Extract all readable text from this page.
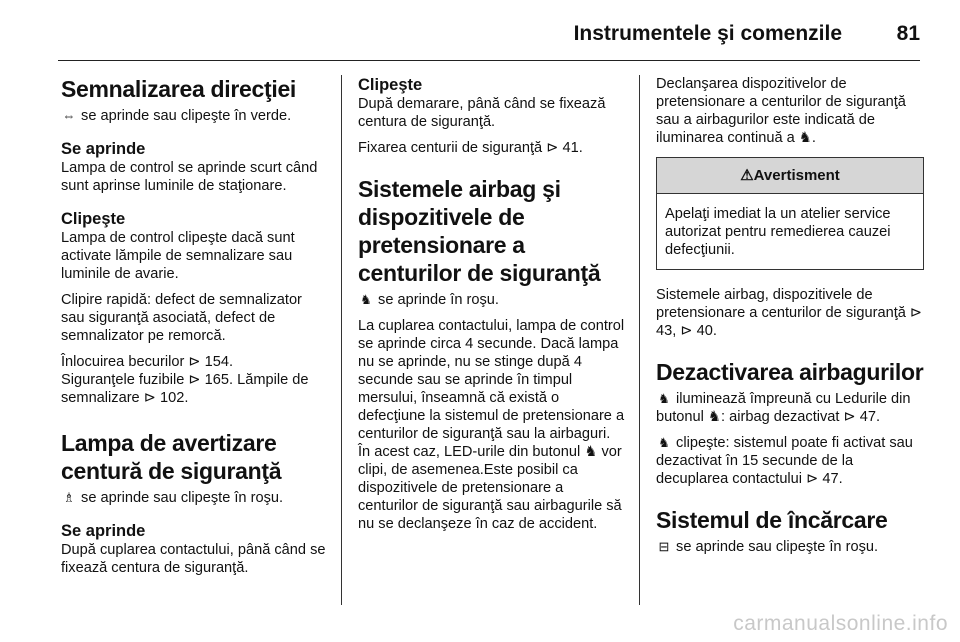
Instrumentele şi comenzile	81
Semnalizarea direcţiei

⇔ se aprinde sau clipeşte în verde.

Se aprinde

Lampa de control se aprinde scurt când sunt aprinse luminile de staţionare.

Clipeşte

Lampa de control clipeşte dacă sunt activate lămpile de semnalizare sau luminile de avarie.

Clipire rapidă: defect de semnalizator sau siguranţă asociată, defect de semnalizator pe remorcă.

Înlocuirea becurilor ⊳ 154.

Siguranţele fuzibile ⊳ 165. Lămpile de semnalizare ⊳ 102.

Lampa de avertizare centură de siguranţă

♗ se aprinde sau clipeşte în roşu.

Se aprinde

După cuplarea contactului, până când se fixează centura de siguranţă.

Clipeşte

După demarare, până când se fixează centura de siguranţă.

Fixarea centurii de siguranţă ⊳ 41.

Sistemele airbag şi dispozitivele de pretensionare a centurilor de siguranţă

♞ se aprinde în roşu.

La cuplarea contactului, lampa de control se aprinde circa 4 secunde. Dacă lampa nu se aprinde, nu se stinge după 4 secunde sau se aprinde în timpul mersului, înseamnă că există o defecţiune la sistemul de pretensionare a centurilor de siguranţă sau la airbaguri. În acest caz, LED-urile din butonul ♞ vor clipi, de asemenea.Este posibil ca dispozitivele de pretensionare a centurilor de siguranţă sau airbagurile să nu se declanşeze în caz de accident.

Declanşarea dispozitivelor de pretensionare a centurilor de siguranţă sau a airbagurilor este indicată de iluminarea continuă a ♞.

⚠Avertisment
Apelaţi imediat la un atelier service autorizat pentru remedierea cauzei defecţiunii.

Sistemele airbag, dispozitivele de pretensionare a centurilor de siguranţă ⊳ 43, ⊳ 40.

Dezactivarea airbagurilor

♞ iluminează împreună cu Ledurile din butonul ♞: airbag dezactivat ⊳ 47.

♞ clipeşte: sistemul poate fi activat sau dezactivat în 15 secunde de la decuplarea contactului ⊳ 47.

Sistemul de încărcare

⊟ se aprinde sau clipeşte în roşu.

carmanualsonline.info
